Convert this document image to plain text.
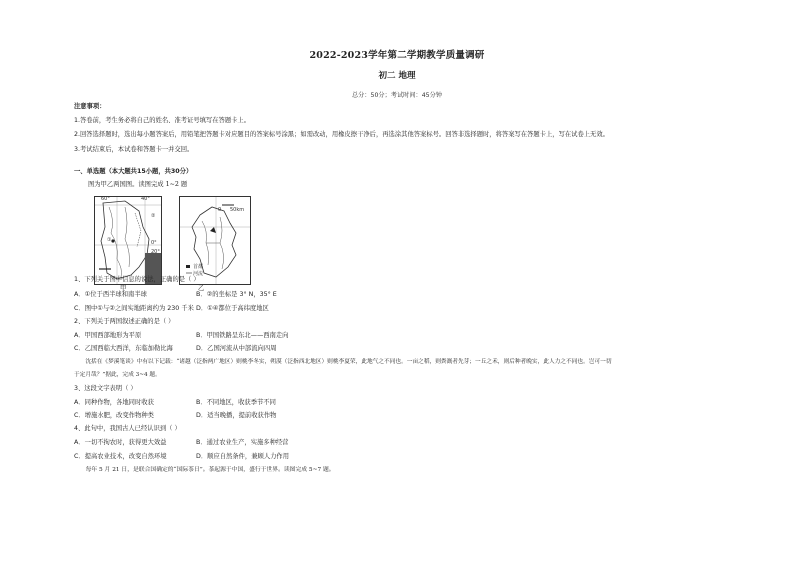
2022-2023学年第二学期教学质量调研
初二 地理
总分：50分；考试时间：45分钟
注意事项：
1.答卷前，考生务必将自己的姓名、准考证号填写在答题卡上。
2.回答选择题时，选出每小题答案后，用铅笔把答题卡对应题目的答案标号涂黑；如需改动，用橡皮擦干净后，再选涂其他答案标号。回答非选择题时，将答案写在答题卡上，写在试卷上无效。
3.考试结束后，本试卷和答题卡一并交回。
一、单选题（本大题共15小题，共30分）
图为甲乙两国图。读图完成 1~2 题
60°	40°
①
②
0°
20°
甲
0 50km
首都
河流
乙
1、下列关于图中信息的说法，正确的是（ ）
A．①位于西半球和南半球	B．②的坐标是 3° N，35° E
C．图中①与②之间实地距离约为 230 千米 D．①④都位于高纬度地区
2、下列关于两国叙述正确的是（ ）
A．甲国西部地形为平原	B．甲国铁路呈东北——西南走向
C．乙国西临大西洋，东临加勒比海	D．乙国河流从中部流向四周
　　沈括在《梦溪笔谈》中有以下记载：“诸越（泛指两广地区）则桃李冬实，朔漠（泛指西北地区）则桃李夏荣，此地气之不同也。一亩之稻，则粪溉者先芽；一丘之禾，则后种者晚实，此人力之不同也。岂可一切
于定月哉？”据此，完成 3~4 题。
3、这段文字表明（ ）
A．同种作物，各地同时收获	B．不同地区，收获季节不同
C．增施水肥，改变作物种类	D．适当晚播，提前收获作物
4、此句中，我国古人已经认识到（ ）
A．一切不拘农时，获得更大效益	B．通过农业生产，实施多种经营
C．提高农业技术，改变自然环境	D．顺应自然条件，兼顾人力作用
　　每年 5 月 21 日，是联合国确定的“国际茶日”。茶起源于中国，盛行于世界。读图完成 5~7 题。
